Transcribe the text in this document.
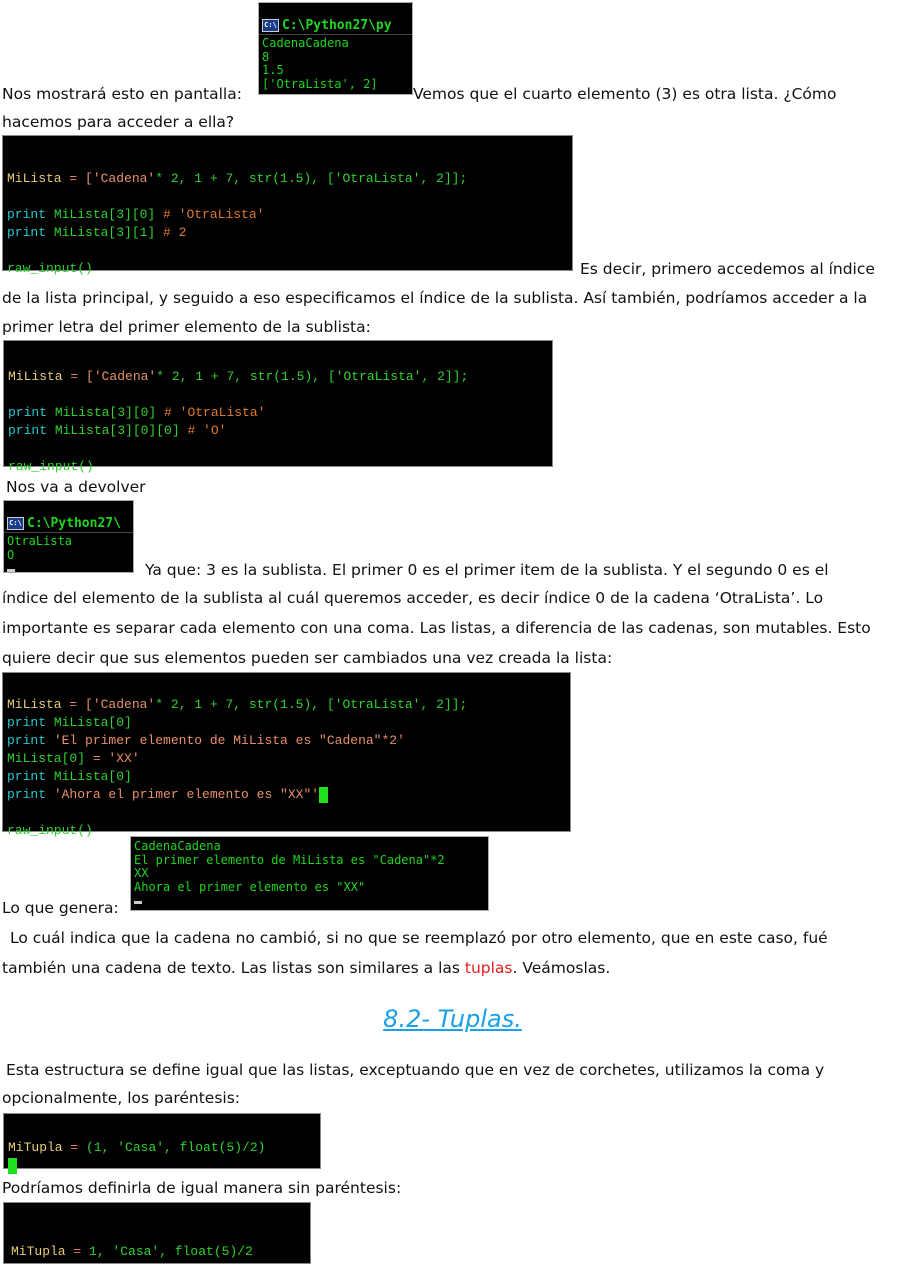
C:\ C:\Python27\py
CadenaCadena
8
1.5
['OtraLista', 2]
Nos mostrará esto en pantalla:	Vemos que el cuarto elemento (3) es otra lista. ¿Cómo
hacemos para acceder a ella?

MiLista = ['Cadena'* 2, 1 + 7, str(1.5), ['OtraLista', 2]];

print MiLista[3][0] # 'OtraLista'
print MiLista[3][1] # 2

raw_input()	Es decir, primero accedemos al índice
de la lista principal, y seguido a eso especificamos el índice de la sublista. Así también, podríamos acceder a la
primer letra del primer elemento de la sublista:

MiLista = ['Cadena'* 2, 1 + 7, str(1.5), ['OtraLista', 2]];

print MiLista[3][0] # 'OtraLista'
print MiLista[3][0][0] # 'O'

raw_input()
Nos va a devolver

C:\ C:\Python27\
OtraLista
O

Ya que: 3 es la sublista. El primer 0 es el primer item de la sublista. Y el segundo 0 es el
índice del elemento de la sublista al cuál queremos acceder, es decir índice 0 de la cadena ‘OtraLista’. Lo
importante es separar cada elemento con una coma. Las listas, a diferencia de las cadenas, son mutables. Esto
quiere decir que sus elementos pueden ser cambiados una vez creada la lista:

MiLista = ['Cadena'* 2, 1 + 7, str(1.5), ['OtraLista', 2]];
print MiLista[0]
print 'El primer elemento de MiLista es "Cadena"*2'
MiLista[0] = 'XX'
print MiLista[0]
print 'Ahora el primer elemento es "XX"'

raw_input()
CadenaCadena
El primer elemento de MiLista es "Cadena"*2
XX
Ahora el primer elemento es "XX"

Lo que genera:
Lo cuál indica que la cadena no cambió, si no que se reemplazó por otro elemento, que en este caso, fué
también una cadena de texto. Las listas son similares a las tuplas. Veámoslas.
8.2- Tuplas.
Esta estructura se define igual que las listas, exceptuando que en vez de corchetes, utilizamos la coma y
opcionalmente, los paréntesis:

MiTupla = (1, 'Casa', float(5)/2)

Podríamos definirla de igual manera sin paréntesis:

MiTupla = 1, 'Casa', float(5)/2
